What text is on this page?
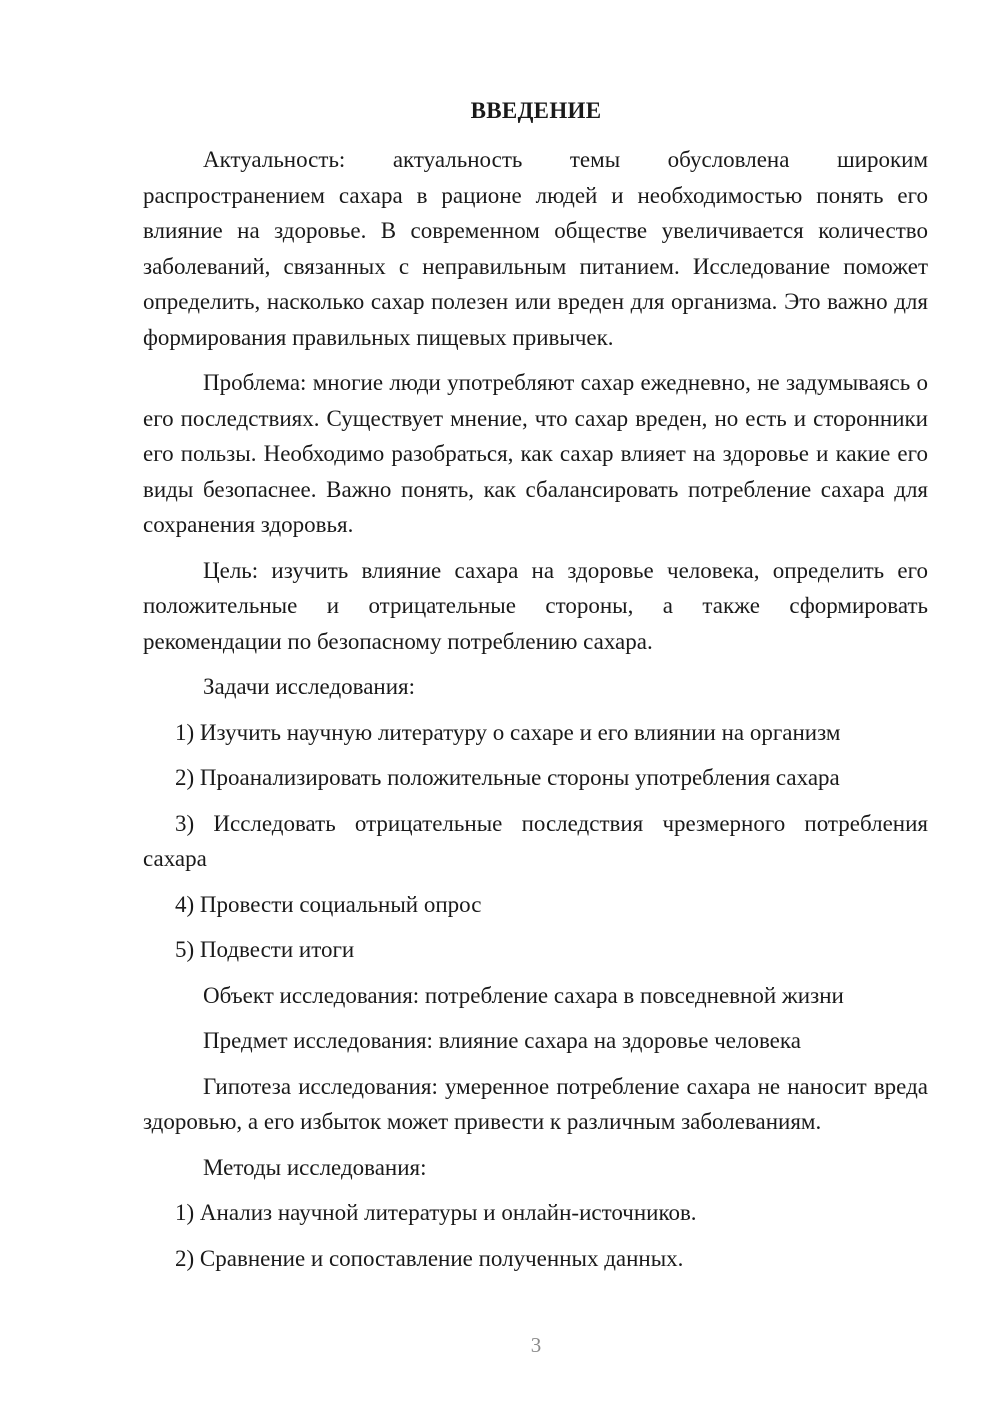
ВВЕДЕНИЕ

Актуальность: актуальность темы обусловлена широким распространением сахара в рационе людей и необходимостью понять его влияние на здоровье. В современном обществе увеличивается количество заболеваний, связанных с неправильным питанием. Исследование поможет определить, насколько сахар полезен или вреден для организма. Это важно для формирования правильных пищевых привычек.

Проблема: многие люди употребляют сахар ежедневно, не задумываясь о его последствиях. Существует мнение, что сахар вреден, но есть и сторонники его пользы. Необходимо разобраться, как сахар влияет на здоровье и какие его виды безопаснее. Важно понять, как сбалансировать потребление сахара для сохранения здоровья.

Цель: изучить влияние сахара на здоровье человека, определить его положительные и отрицательные стороны, а также сформировать рекомендации по безопасному потреблению сахара.

Задачи исследования:

1) Изучить научную литературу о сахаре и его влиянии на организм

2) Проанализировать положительные стороны употребления сахара

3) Исследовать отрицательные последствия чрезмерного потребления сахара

4) Провести социальный опрос

5) Подвести итоги

Объект исследования: потребление сахара в повседневной жизни

Предмет исследования: влияние сахара на здоровье человека

Гипотеза исследования: умеренное потребление сахара не наносит вреда здоровью, а его избыток может привести к различным заболеваниям.

Методы исследования:

1) Анализ научной литературы и онлайн-источников.

2) Сравнение и сопоставление полученных данных.

3
